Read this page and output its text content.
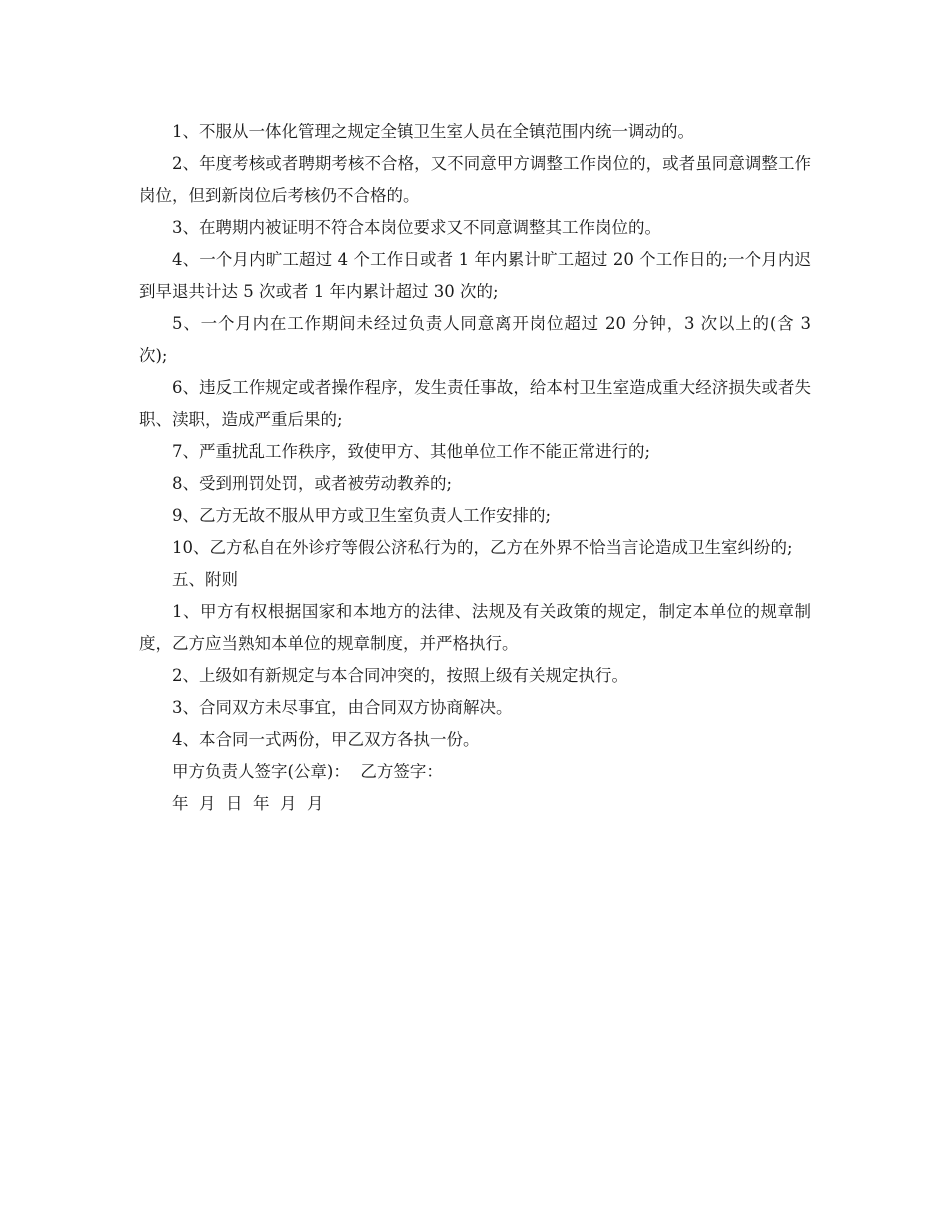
1、不服从一体化管理之规定全镇卫生室人员在全镇范围内统一调动的。

2、年度考核或者聘期考核不合格，又不同意甲方调整工作岗位的，或者虽同意调整工作岗位，但到新岗位后考核仍不合格的。

3、在聘期内被证明不符合本岗位要求又不同意调整其工作岗位的。

4、一个月内旷工超过 4 个工作日或者 1 年内累计旷工超过 20 个工作日的;一个月内迟到早退共计达 5 次或者 1 年内累计超过 30 次的;

5、一个月内在工作期间未经过负责人同意离开岗位超过 20 分钟，3 次以上的(含 3 次);

6、违反工作规定或者操作程序，发生责任事故，给本村卫生室造成重大经济损失或者失职、渎职，造成严重后果的;

7、严重扰乱工作秩序，致使甲方、其他单位工作不能正常进行的;

8、受到刑罚处罚，或者被劳动教养的;

9、乙方无故不服从甲方或卫生室负责人工作安排的;

10、乙方私自在外诊疗等假公济私行为的，乙方在外界不恰当言论造成卫生室纠纷的;

五、附则

1、甲方有权根据国家和本地方的法律、法规及有关政策的规定，制定本单位的规章制度，乙方应当熟知本单位的规章制度，并严格执行。

2、上级如有新规定与本合同冲突的，按照上级有关规定执行。

3、合同双方未尽事宜，由合同双方协商解决。

4、本合同一式两份，甲乙双方各执一份。

甲方负责人签字(公章)：  乙方签字：

年  月  日  年  月  月
